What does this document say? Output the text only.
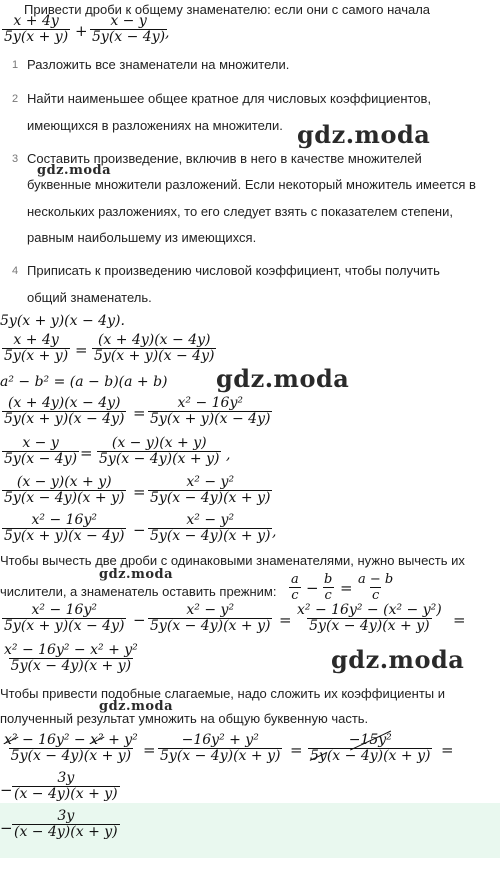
Привести дроби к общему знаменателю: если они с самого начала
$\frac{x + 4y}{5y(x + y)} + \frac{x - y}{5y(x - 4y)}$
,
1 Разложить все знаменатели на множители.
2 Найти наименьшее общее кратное для числовых коэффициентов,
имеющихся в разложениях на множители.
3 Составить произведение, включив в него в качестве множителей
буквенные множители разложений. Если некоторый множитель имеется в
нескольких разложениях, то его следует взять с показателем степени,
равным наибольшему из имеющихся.
4 Приписать к произведению числовой коэффициент, чтобы получить
общий знаменатель.
5y(x + y)(x − 4y).
$\frac{x + 4y}{5y(x + y)} = \frac{(x + 4y)(x - 4y)}{5y(x + y)(x - 4y)}$
a² − b² = (a − b)(a + b)
$\frac{(x + 4y)(x - 4y)}{5y(x + y)(x - 4y)} = \frac{\text{x² − 16y²}}{5y(x + y)(x - 4y)}$
$\frac{x - y}{5y(x - 4y)} = \frac{(x - y)(x + y)}{5y(x - 4y)(x + y)}$ ,
$\frac{(x - y)(x + y)}{5y(x - 4y)(x + y)} = \frac{\text{x² − y²}}{5y(x - 4y)(x + y)}$
$\frac{\text{x² − 16y²}}{5y(x + y)(x - 4y)} - \frac{\text{x² − y²}}{5y(x - 4y)(x + y)}$ ,
Чтобы вычесть две дроби с одинаковыми знаменателями, нужно вычесть их
числители, а знаменатель оставить прежним: $\frac{a}{c} - \frac{b}{c} = \frac{a - b}{c}$
$\frac{\text{x² − 16y²}}{5y(x + y)(x - 4y)} - \frac{\text{x² − y²}}{5y(x - 4y)(x + y)} = \frac{\text{x² − 16y² − (x² − y²)}}{5y(x - 4y)(x + y)}$ =
$\frac{\text{x² − 16y² − x² + y²}}{5y(x - 4y)(x + y)}$
Чтобы привести подобные слагаемые, надо сложить их коэффициенты и
полученный результат умножить на общую буквенную часть.
$\frac{\text{x² − 16y² − x² + y²}}{5y(x - 4y)(x + y)} = \frac{\text{−16y² + y²}}{5y(x - 4y)(x + y)} = \frac{\text{−15y²}}{5y(x - 4y)(x + y)}$ =
− $\frac{3y}{(x - 4y)(x + y)}$
− $\frac{3y}{(x - 4y)(x + y)}$
gdz.moda
gdz.moda
gdz.moda
gdz.moda
gdz.moda
gdz.moda
